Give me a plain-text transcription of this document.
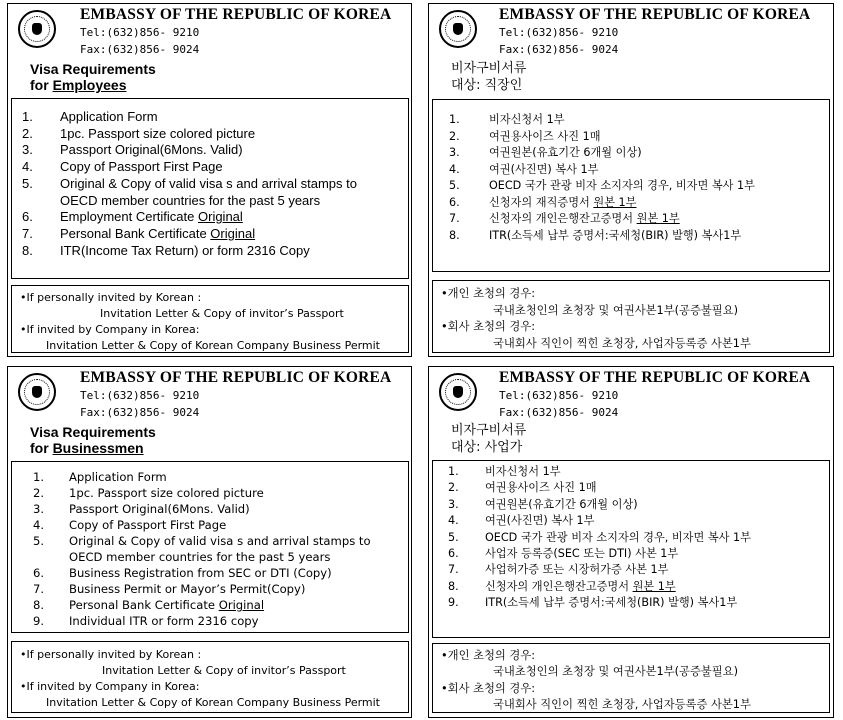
EMBASSY OF THE REPUBLIC OF KOREA
Tel:(632)856- 9210
Fax:(632)856- 9024
Visa Requirements
for Employees
1. Application Form
2. 1pc. Passport size colored picture
3. Passport Original(6Mons. Valid)
4. Copy of Passport First Page
5. Original & Copy of valid visa s and arrival stamps to
OECD member countries for the past 5 years
6. Employment Certificate Original
7. Personal Bank Certificate Original
8. ITR(Income Tax Return) or form 2316 Copy
•If personally invited by Korean :
Invitation Letter & Copy of invitor’s Passport
•If invited by Company in Korea:
Invitation Letter & Copy of Korean Company Business Permit
EMBASSY OF THE REPUBLIC OF KOREA
Tel:(632)856- 9210
Fax:(632)856- 9024
비자구비서류
대상: 직장인
1.	비자신청서 1부
2.	여권용사이즈 사진 1매
3.	여권원본(유효기간 6개월 이상)
4.	여권(사진면) 복사 1부
5.	OECD 국가 관광 비자 소지자의 경우, 비자면 복사 1부
6.	신청자의 재직증명서 원본 1부
7.	신청자의 개인은행잔고증명서 원본 1부
8.	ITR(소득세 납부 증명서:국세청(BIR) 발행) 복사1부
•개인 초청의 경우:
국내초청인의 초청장 및 여권사본1부(공증불필요)
•회사 초청의 경우:
국내회사 직인이 찍힌 초청장, 사업자등록증 사본1부
EMBASSY OF THE REPUBLIC OF KOREA
Tel:(632)856- 9210
Fax:(632)856- 9024
Visa Requirements
for Businessmen
1. Application Form
2. 1pc. Passport size colored picture
3. Passport Original(6Mons. Valid)
4. Copy of Passport First Page
5. Original & Copy of valid visa s and arrival stamps to
OECD member countries for the past 5 years
6. Business Registration from SEC or DTI (Copy)
7. Business Permit or Mayor’s Permit(Copy)
8. Personal Bank Certificate Original
9. Individual ITR or form 2316 copy
•If personally invited by Korean :
Invitation Letter & Copy of invitor’s Passport
•If invited by Company in Korea:
Invitation Letter & Copy of Korean Company Business Permit
EMBASSY OF THE REPUBLIC OF KOREA
Tel:(632)856- 9210
Fax:(632)856- 9024
비자구비서류
대상: 사업가
1. 비자신청서 1부
2. 여권용사이즈 사진 1매
3. 여권원본(유효기간 6개월 이상)
4. 여권(사진면) 복사 1부
5. OECD 국가 관광 비자 소지자의 경우, 비자면 복사 1부
6. 사업자 등록증(SEC 또는 DTI) 사본 1부
7. 사업허가증 또는 시장허가증 사본 1부
8. 신청자의 개인은행잔고증명서 원본 1부
9. ITR(소득세 납부 증명서:국세청(BIR) 발행) 복사1부
•개인 초청의 경우:
국내초청인의 초청장 및 여권사본1부(공증불필요)
•회사 초청의 경우:
국내회사 직인이 찍힌 초청장, 사업자등록증 사본1부
